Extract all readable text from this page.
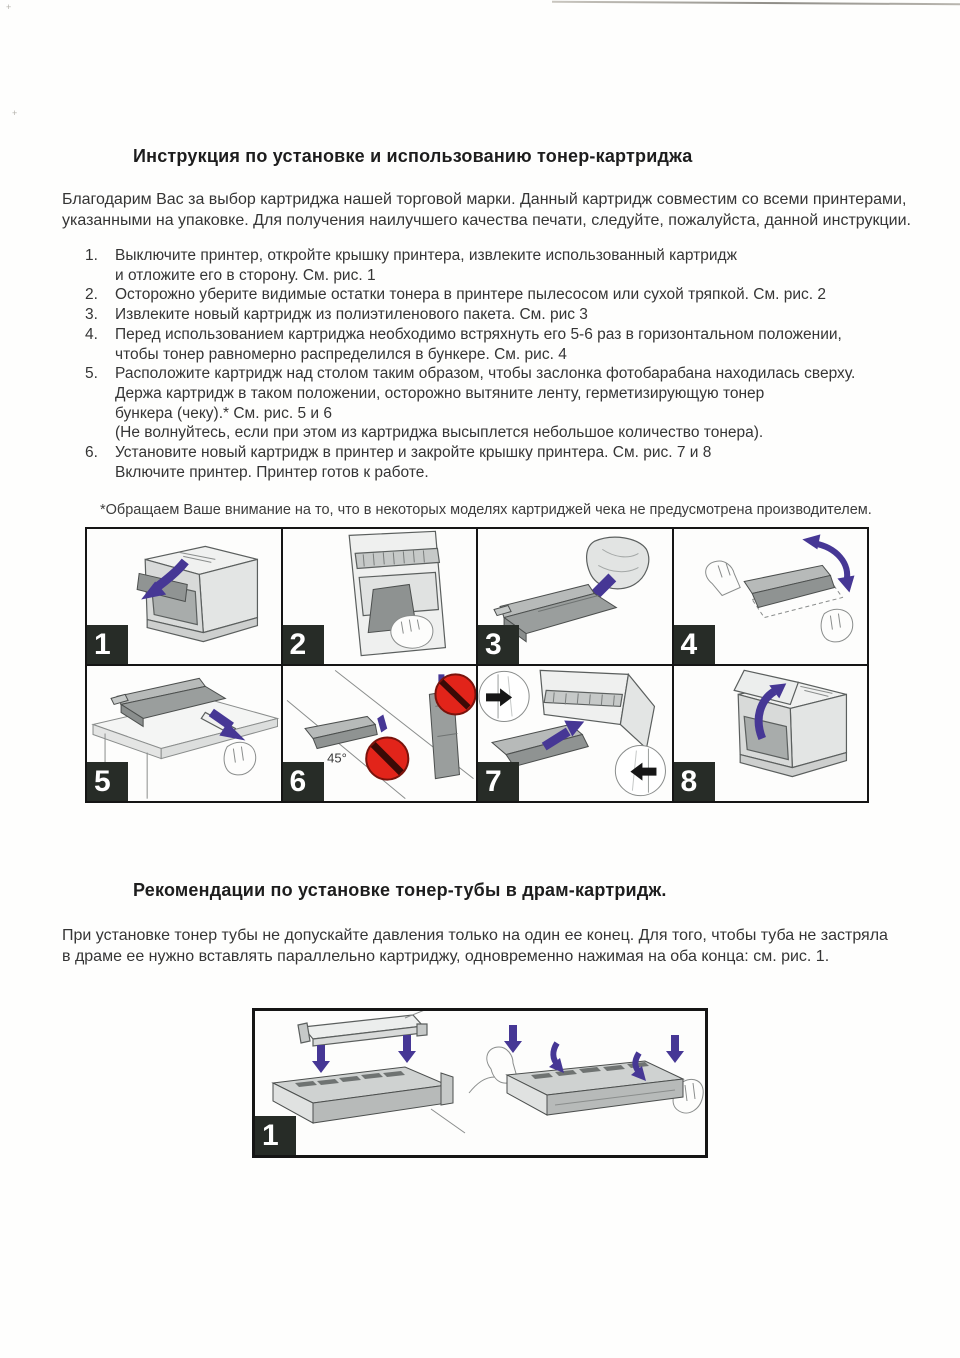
+
+
Инструкция по установке и использованию тонер-картриджа
Благодарим Вас за выбор картриджа нашей торговой марки. Данный картридж совместим со всеми принтерами,
указанными на упаковке. Для получения наилучшего качества печати, следуйте, пожалуйста, данной инструкции.
1.	Выключите принтер, откройте крышку принтера, извлеките использованный картридж
и отложите его в сторону. См. рис. 1
2.	Осторожно уберите видимые остатки тонера в принтере пылесосом или сухой тряпкой. См. рис. 2
3.	Извлеките новый картридж из полиэтиленового пакета. См. рис 3
4.	Перед использованием картриджа необходимо встряхнуть его 5-6 раз в горизонтальном положении,
чтобы тонер равномерно распределился в бункере. См. рис. 4
5.	Расположите картридж над столом таким образом, чтобы заслонка фотобарабана находилась сверху.
Держа картридж в таком положении, осторожно вытяните ленту, герметизирующую тонер
бункера (чеку).* См. рис. 5 и 6
(Не волнуйтесь, если при этом из картриджа высыплется небольшое количество тонера).
6.	Установите новый картридж в принтер и закройте крышку принтера. См. рис. 7 и 8
Включите принтер. Принтер готов к работе.
*Обращаем Ваше внимание на то, что в некоторых моделях картриджей чека не предусмотрена производителем.
1	2	3	4
5
45°
6	7	8
Рекомендации по установке тонер-тубы в драм-картридж.
При установке тонер тубы не допускайте давления только на один ее конец. Для того, чтобы туба не застряла
в драме ее нужно вставлять параллельно картриджу, одновременно нажимая на оба конца: см. рис. 1.
1
